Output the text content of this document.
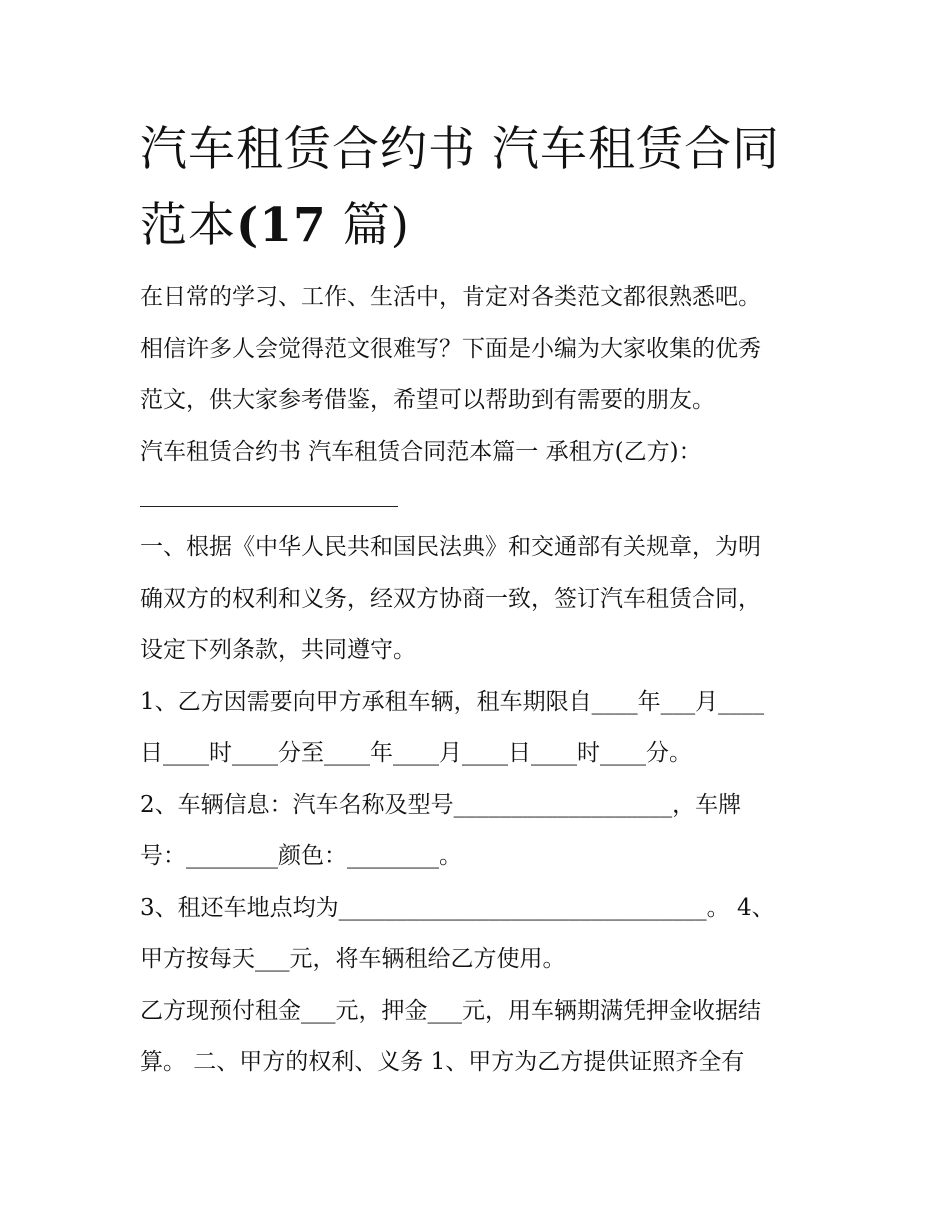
汽车租赁合约书 汽车租赁合同
范本(17 篇)
在日常的学习、工作、生活中，肯定对各类范文都很熟悉吧。
相信许多人会觉得范文很难写？下面是小编为大家收集的优秀
范文，供大家参考借鉴，希望可以帮助到有需要的朋友。
汽车租赁合约书 汽车租赁合同范本篇一 承租方(乙方)：
一、根据《中华人民共和国民法典》和交通部有关规章，为明
确双方的权利和义务，经双方协商一致，签订汽车租赁合同，
设定下列条款，共同遵守。
1、乙方因需要向甲方承租车辆，租车期限自____年___月____
日____时____分至____年____月____日____时____分。
2、车辆信息：汽车名称及型号___________________，车牌
号：________颜色：________。
3、租还车地点均为________________________________。 4、
甲方按每天___元，将车辆租给乙方使用。
乙方现预付租金___元，押金___元，用车辆期满凭押金收据结
算。 二、甲方的权利、义务 1、甲方为乙方提供证照齐全有
